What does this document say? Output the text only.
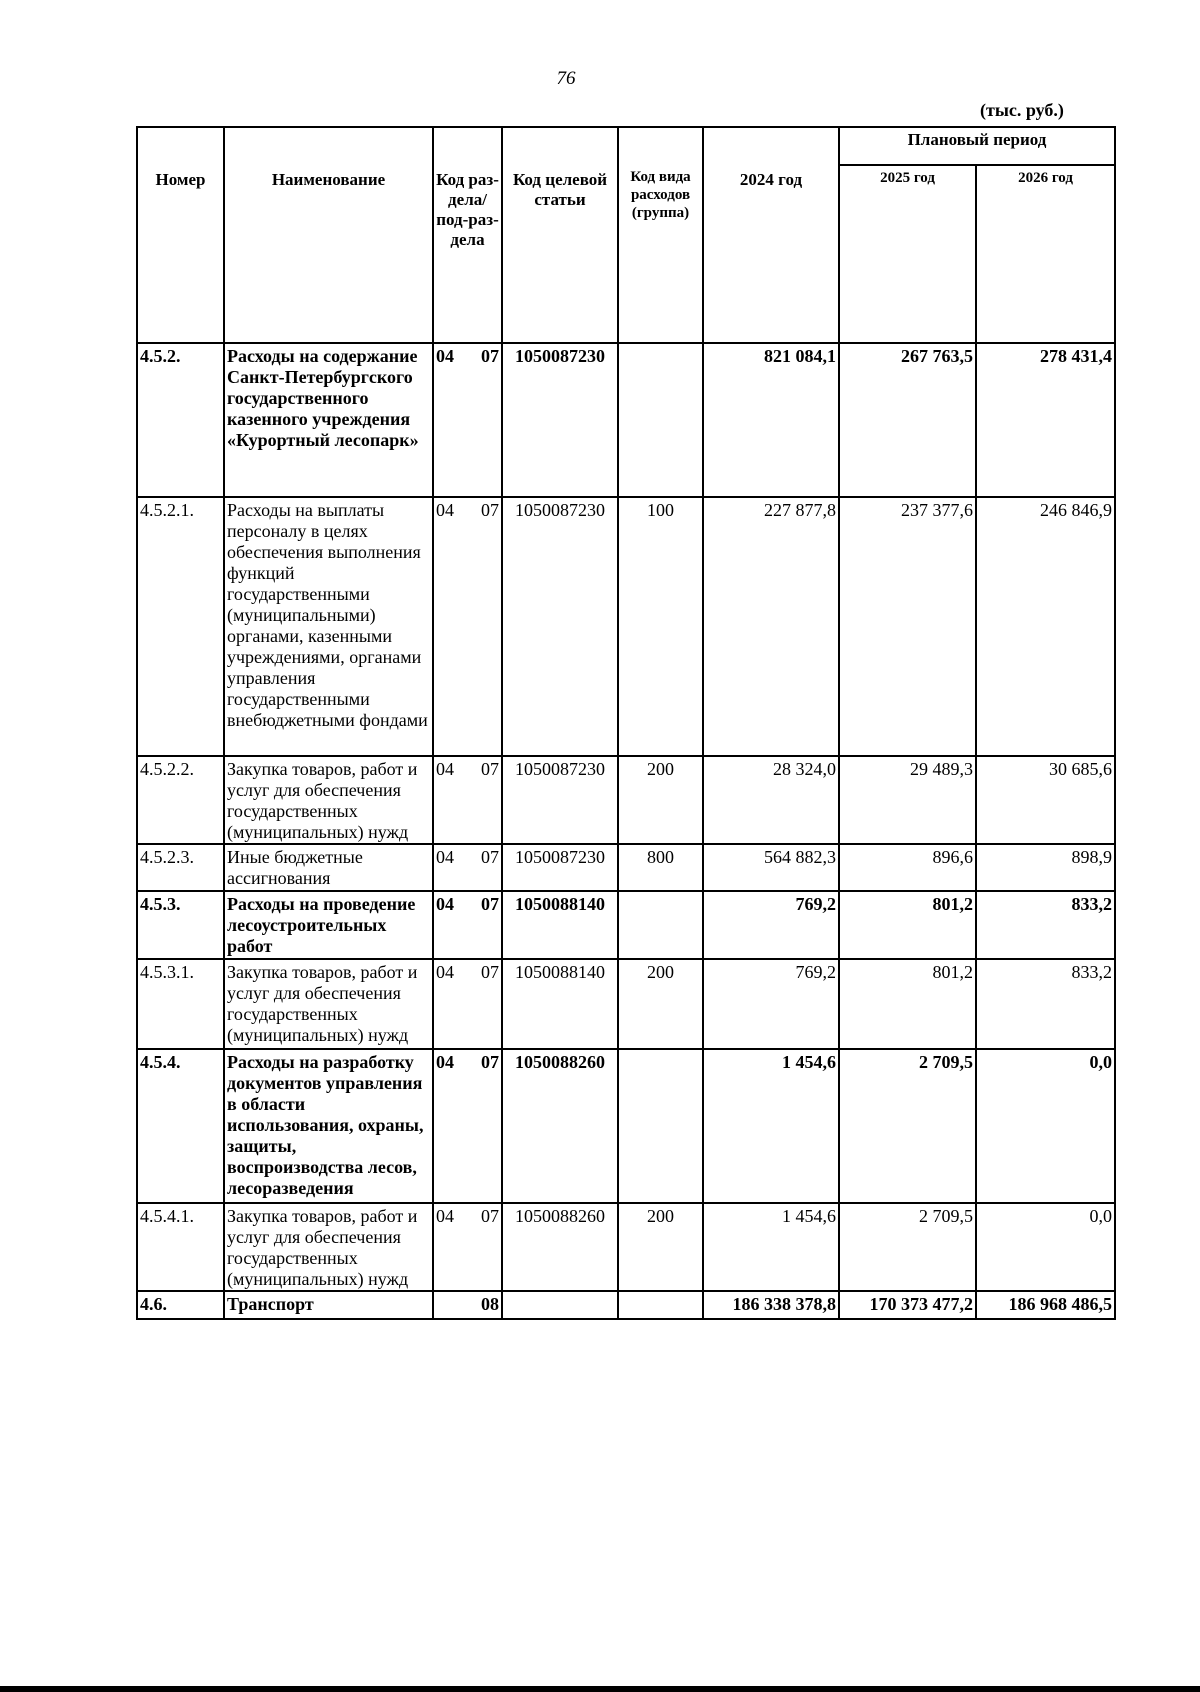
76
(тыс. руб.)
Номер	Наименование	Код раз-дела/ под-раз-дела	Код целевой статьи	Код вида расходов (группа)	2024 год	Плановый период	
						2025 год	2026 год
4.5.2.	Расходы на содержание Санкт-Петербургского государственного казенного учреждения «Курортный лесопарк»	04 07	1050087230		821 084,1	267 763,5	278 431,4
4.5.2.1.	Расходы на выплаты персоналу в целях обеспечения выполнения функций государственными (муниципальными) органами, казенными учреждениями, органами управления государственными внебюджетными фондами	04 07	1050087230	100	227 877,8	237 377,6	246 846,9
4.5.2.2.	Закупка товаров, работ и услуг для обеспечения государственных (муниципальных) нужд	04 07	1050087230	200	28 324,0	29 489,3	30 685,6
4.5.2.3.	Иные бюджетные ассигнования	04 07	1050087230	800	564 882,3	896,6	898,9
4.5.3.	Расходы на проведение лесоустроительных работ	04 07	1050088140		769,2	801,2	833,2
4.5.3.1.	Закупка товаров, работ и услуг для обеспечения государственных (муниципальных) нужд	04 07	1050088140	200	769,2	801,2	833,2
4.5.4.	Расходы на разработку документов управления в области использования, охраны, защиты, воспроизводства лесов, лесоразведения	04 07	1050088260		1 454,6	2 709,5	0,0
4.5.4.1.	Закупка товаров, работ и услуг для обеспечения государственных (муниципальных) нужд	04 07	1050088260	200	1 454,6	2 709,5	0,0
4.6.	Транспорт	08			186 338 378,8	170 373 477,2	186 968 486,5
